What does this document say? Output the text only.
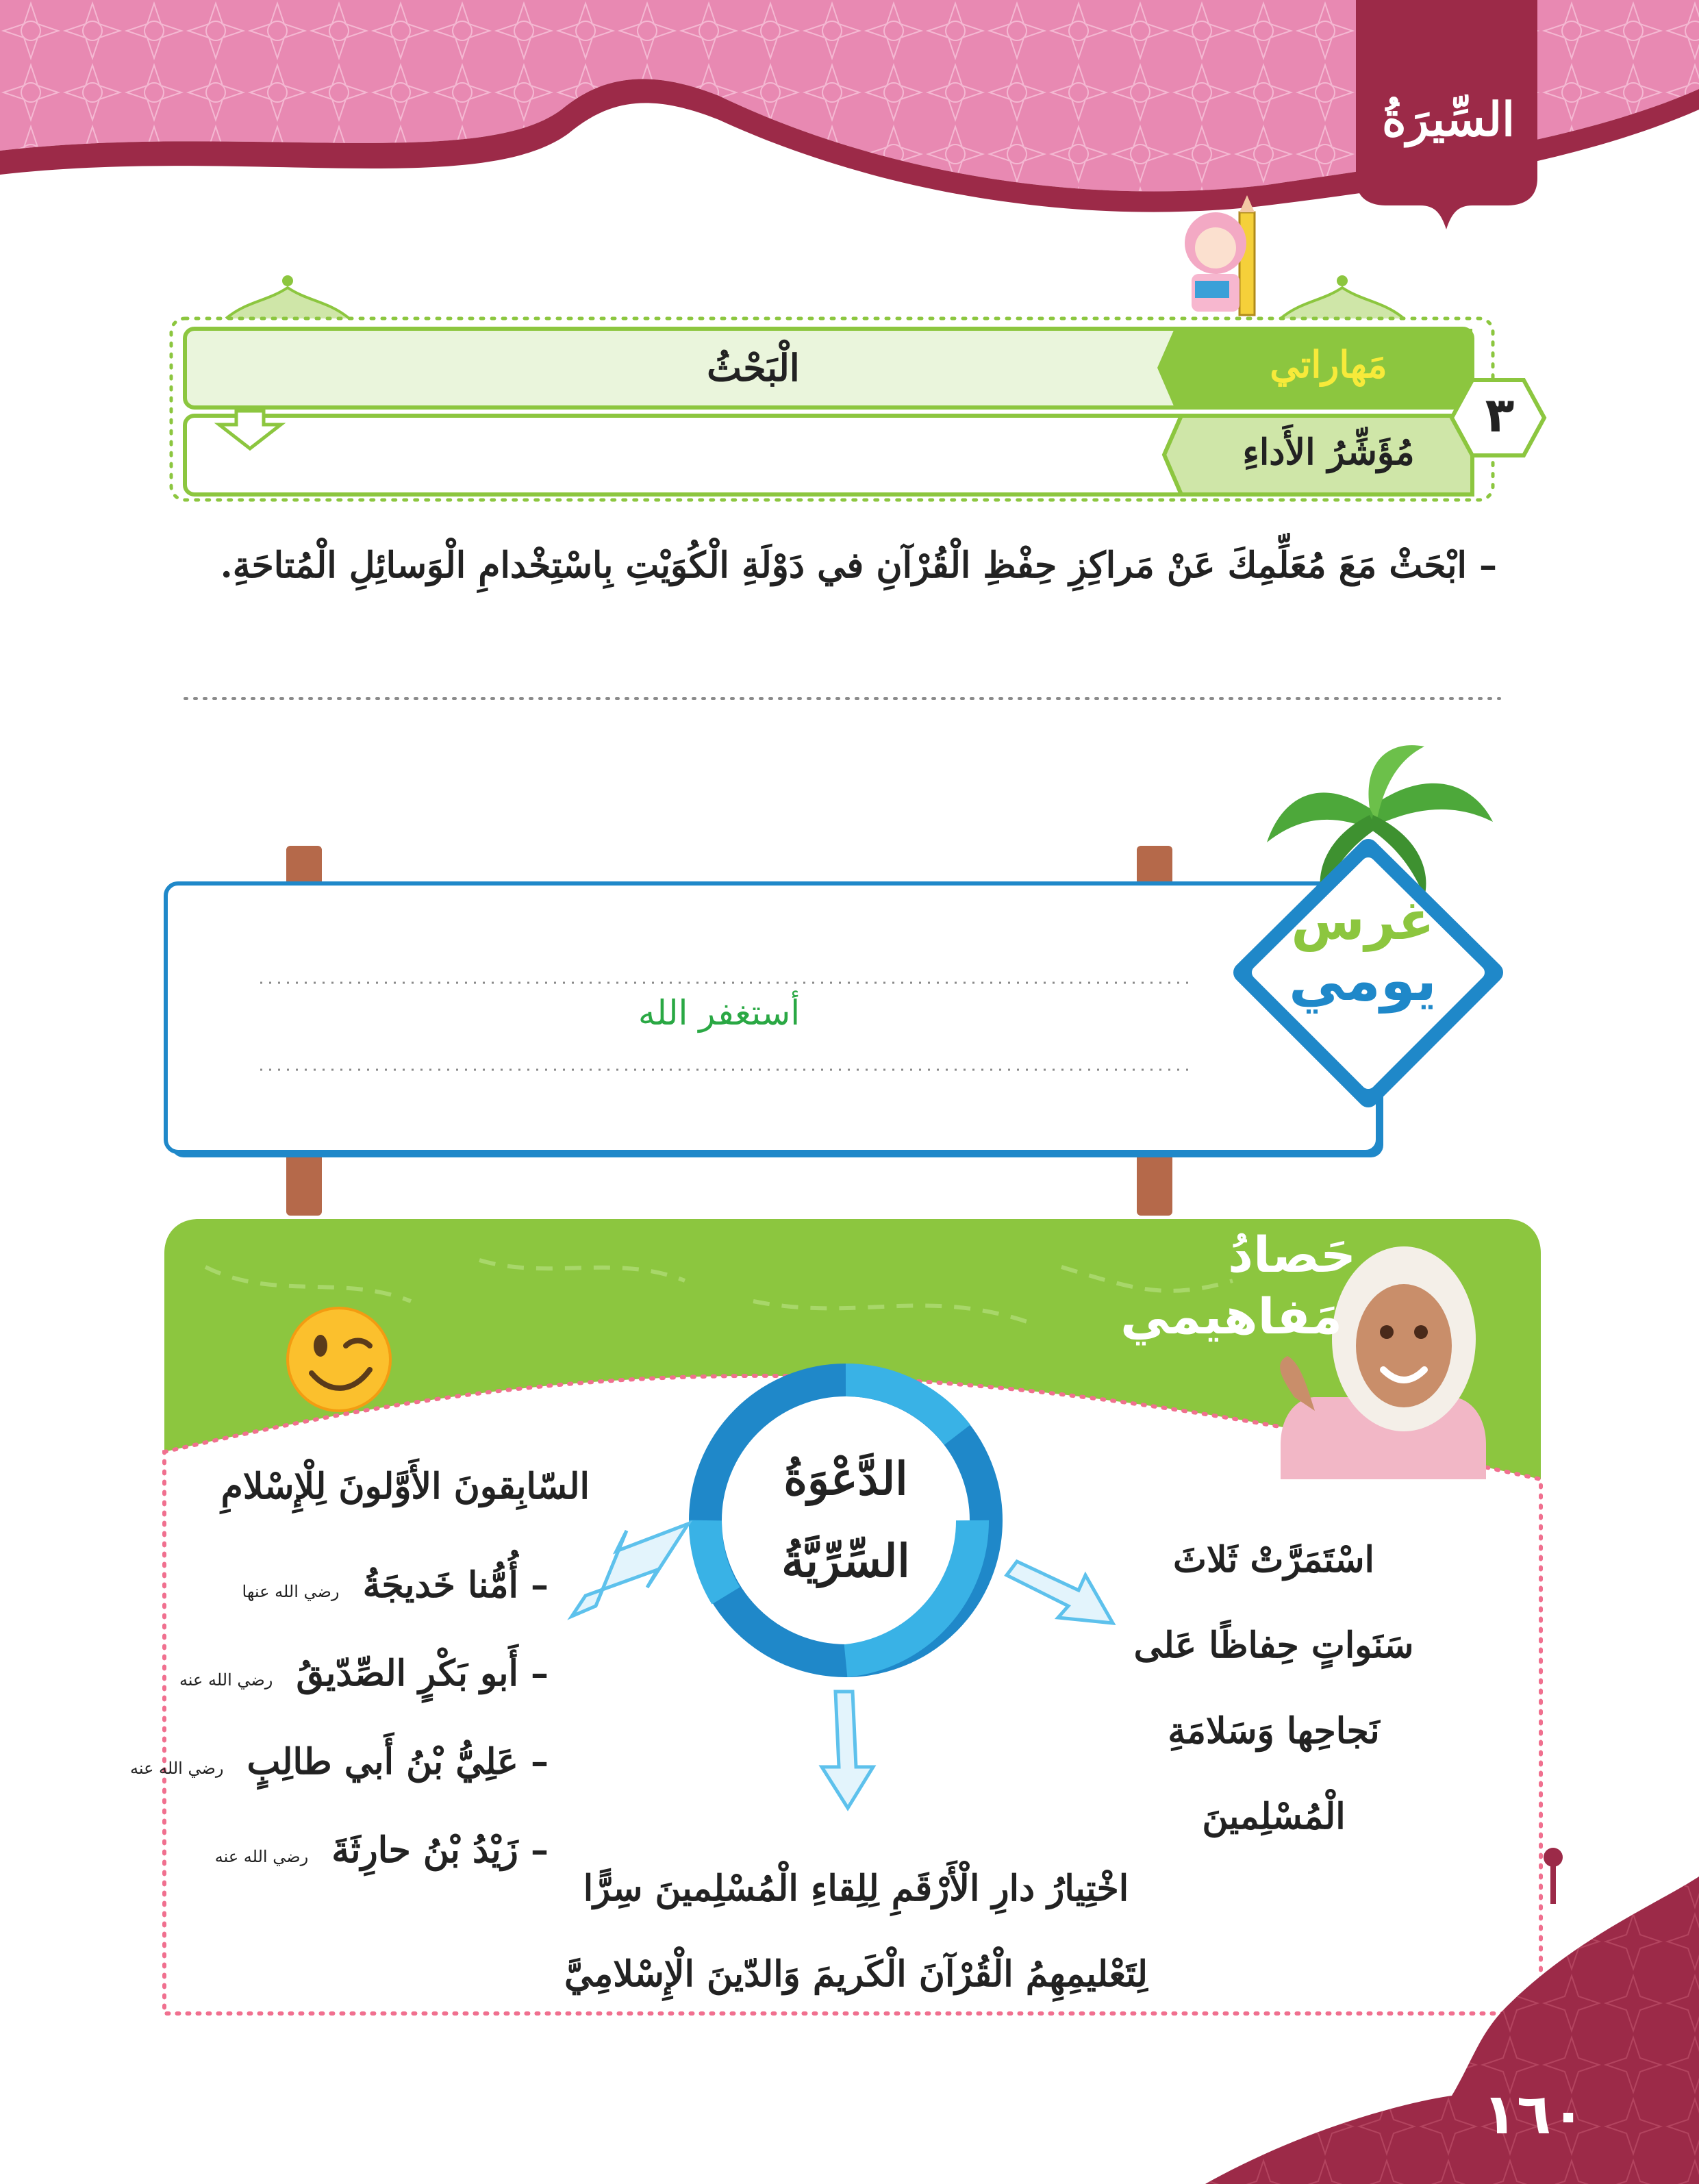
السِّيرَةُ
٣
مَهاراتي
الْبَحْثُ
مُؤَشِّرُ الأَداءِ
– ابْحَثْ مَعَ مُعَلِّمِكَ عَنْ مَراكِزِ حِفْظِ الْقُرْآنِ في دَوْلَةِ الْكُوَيْتِ بِاسْتِخْدامِ الْوَسائِلِ الْمُتاحَةِ.
غرس
يومي
أستغفر الله
حَصادُ
مَفاهيمي
الدَّعْوَةُ
السِّرِّيَّةُ	اسْتَمَرَّتْ ثَلاثَ
سَنَواتٍ حِفاظًا عَلى
نَجاحِها وَسَلامَةِ
الْمُسْلِمينَ
السّابِقونَ الأَوَّلونَ لِلْإِسْلامِ
– أُمُّنا خَديجَةُ رضي الله عنها
– أَبو بَكْرٍ الصِّدّيقُ رضي الله عنه
– عَلِيُّ بْنُ أَبي طالِبٍ رضي الله عنه
– زَيْدُ بْنُ حارِثَةَ رضي الله عنه
اخْتِيارُ دارِ الْأَرْقَمِ لِلِقاءِ الْمُسْلِمينَ سِرًّا
لِتَعْليمِهِمُ الْقُرْآنَ الْكَريمَ وَالدّينَ الْإِسْلامِيَّ
١٦٠
